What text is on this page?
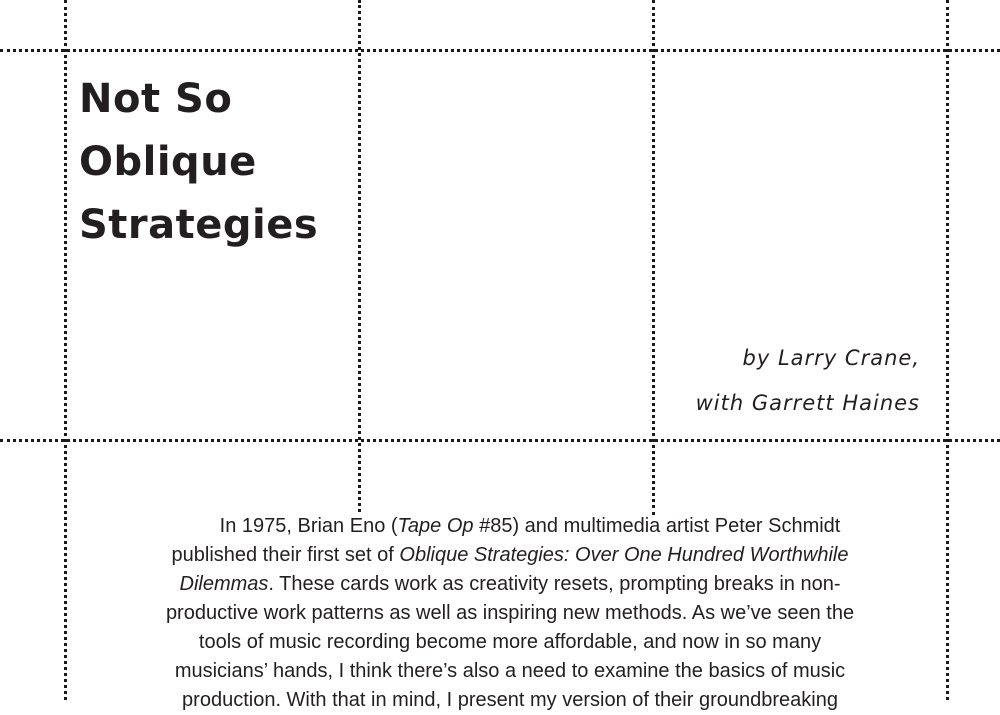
Not So
Oblique
Strategies
by Larry Crane,
with Garrett Haines
In 1975, Brian Eno (Tape Op #85) and multimedia artist Peter Schmidt
published their first set of Oblique Strategies: Over One Hundred Worthwhile
Dilemmas. These cards work as creativity resets, prompting breaks in non-
productive work patterns as well as inspiring new methods. As we’ve seen the
tools of music recording become more affordable, and now in so many
musicians’ hands, I think there’s also a need to examine the basics of music
production. With that in mind, I present my version of their groundbreaking
